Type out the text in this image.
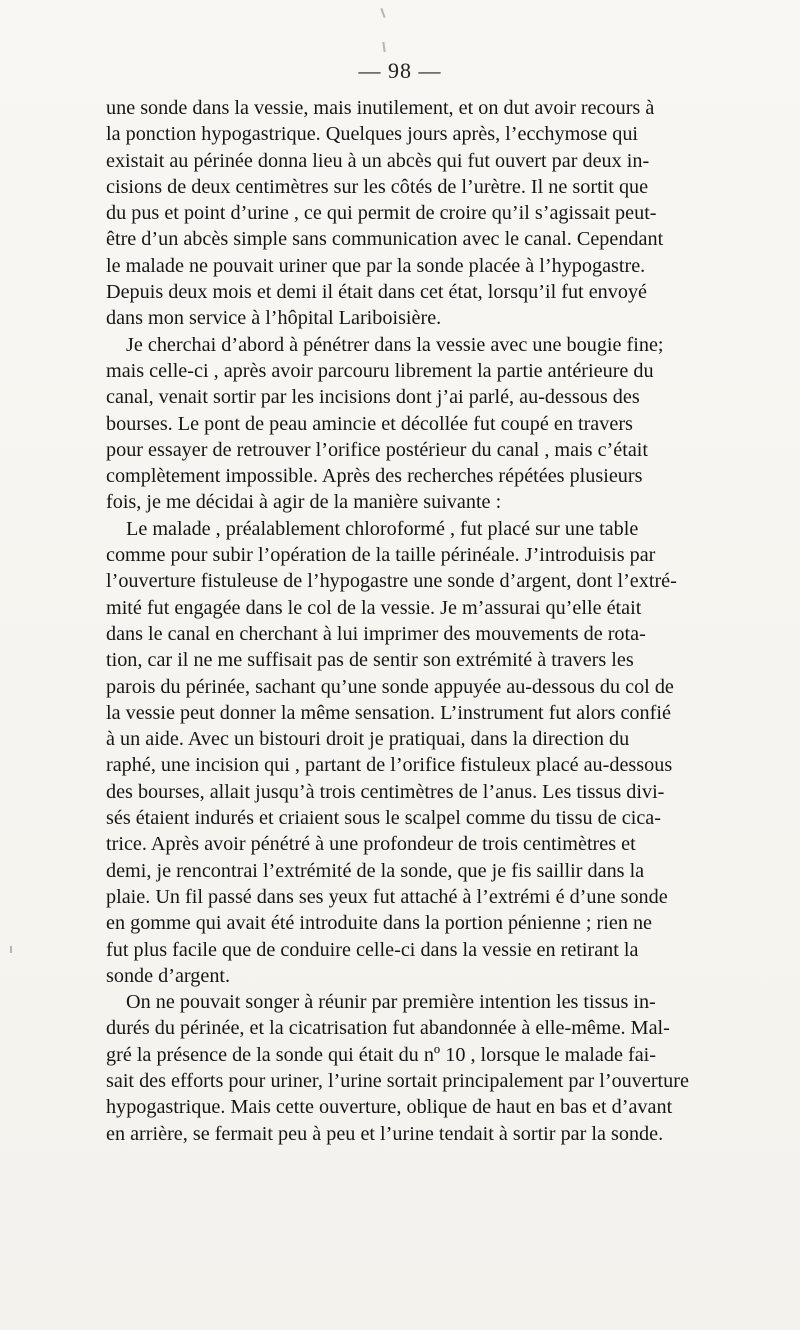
— 98 —
une sonde dans la vessie, mais inutilement, et on dut avoir recours à
la ponction hypogastrique. Quelques jours après, l’ecchymose qui
existait au périnée donna lieu à un abcès qui fut ouvert par deux in-
cisions de deux centimètres sur les côtés de l’urètre. Il ne sortit que
du pus et point d’urine , ce qui permit de croire qu’il s’agissait peut-
être d’un abcès simple sans communication avec le canal. Cependant
le malade ne pouvait uriner que par la sonde placée à l’hypogastre.
Depuis deux mois et demi il était dans cet état, lorsqu’il fut envoyé
dans mon service à l’hôpital Lariboisière.
Je cherchai d’abord à pénétrer dans la vessie avec une bougie fine;
mais celle-ci , après avoir parcouru librement la partie antérieure du
canal, venait sortir par les incisions dont j’ai parlé, au-dessous des
bourses. Le pont de peau amincie et décollée fut coupé en travers
pour essayer de retrouver l’orifice postérieur du canal , mais c’était
complètement impossible. Après des recherches répétées plusieurs
fois, je me décidai à agir de la manière suivante :
Le malade , préalablement chloroformé , fut placé sur une table
comme pour subir l’opération de la taille périnéale. J’introduisis par
l’ouverture fistuleuse de l’hypogastre une sonde d’argent, dont l’extré-
mité fut engagée dans le col de la vessie. Je m’assurai qu’elle était
dans le canal en cherchant à lui imprimer des mouvements de rota-
tion, car il ne me suffisait pas de sentir son extrémité à travers les
parois du périnée, sachant qu’une sonde appuyée au-dessous du col de
la vessie peut donner la même sensation. L’instrument fut alors confié
à un aide. Avec un bistouri droit je pratiquai, dans la direction du
raphé, une incision qui , partant de l’orifice fistuleux placé au-dessous
des bourses, allait jusqu’à trois centimètres de l’anus. Les tissus divi-
sés étaient indurés et criaient sous le scalpel comme du tissu de cica-
trice. Après avoir pénétré à une profondeur de trois centimètres et
demi, je rencontrai l’extrémité de la sonde, que je fis saillir dans la
plaie. Un fil passé dans ses yeux fut attaché à l’extrémi é d’une sonde
en gomme qui avait été introduite dans la portion pénienne ; rien ne
fut plus facile que de conduire celle-ci dans la vessie en retirant la
sonde d’argent.
On ne pouvait songer à réunir par première intention les tissus in-
durés du périnée, et la cicatrisation fut abandonnée à elle-même. Mal-
gré la présence de la sonde qui était du nº 10 , lorsque le malade fai-
sait des efforts pour uriner, l’urine sortait principalement par l’ouverture
hypogastrique. Mais cette ouverture, oblique de haut en bas et d’avant
en arrière, se fermait peu à peu et l’urine tendait à sortir par la sonde.
